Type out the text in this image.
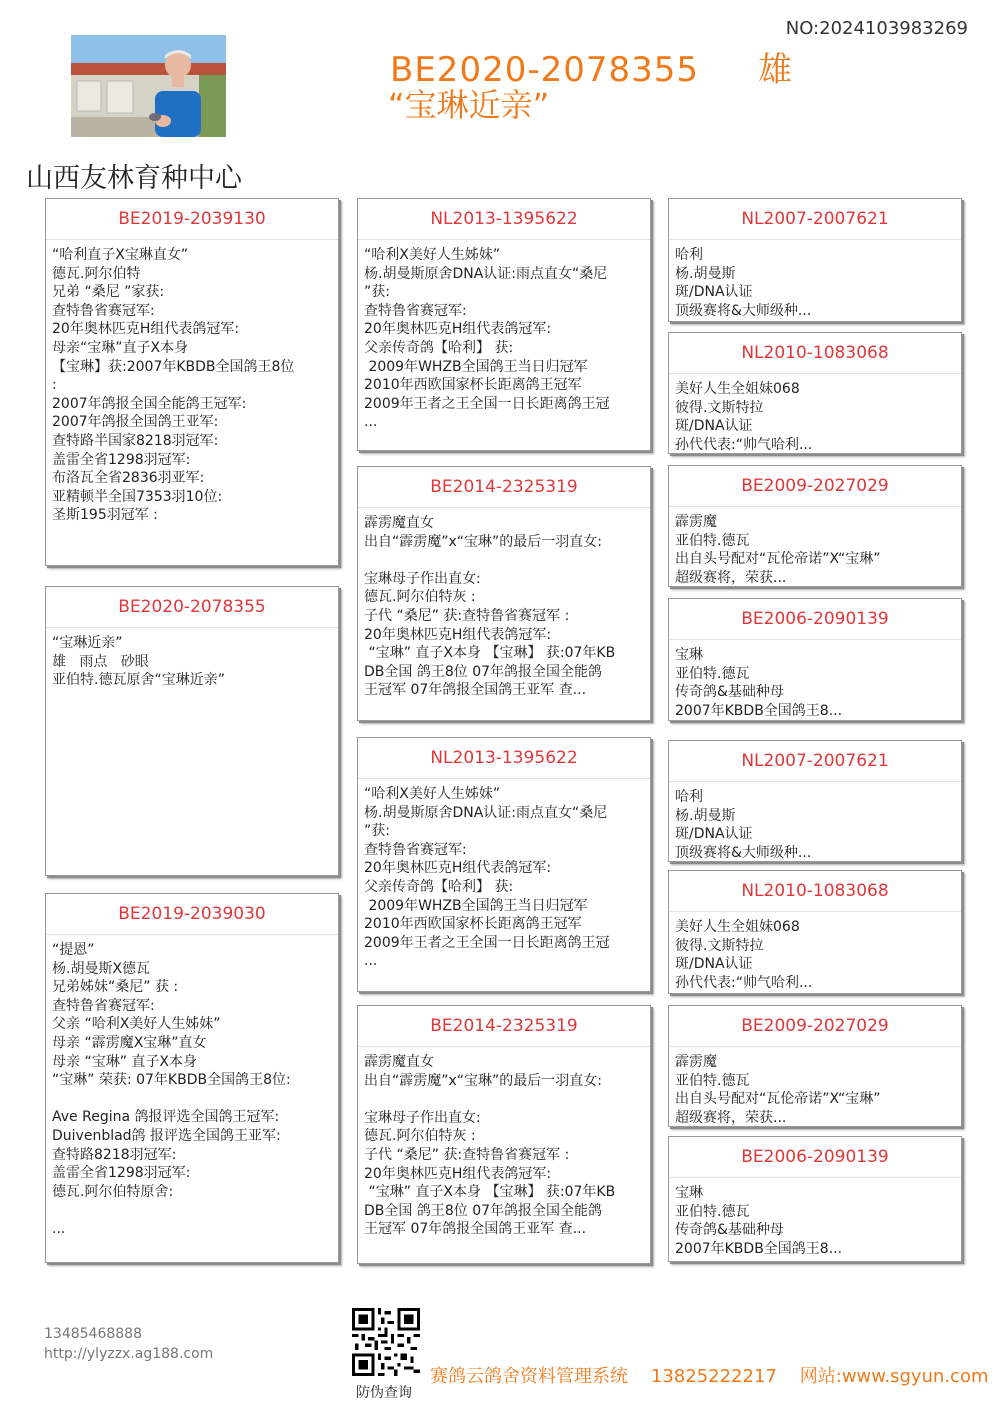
NO:2024103983269
BE2020-2078355 雄
“宝琳近亲”
山西友林育种中心
BE2019-2039130
“哈利直子X宝琳直女”
德瓦.阿尔伯特
兄弟 “桑尼 ”家获:
查特鲁省赛冠军:
20年奥林匹克H组代表鸽冠军:
母亲“宝琳”直子X本身
【宝琳】获:2007年KBDB全国鸽王8位
:
2007年鸽报全国全能鸽王冠军:
2007年鸽报全国鸽王亚军:
查特路半国家8218羽冠军:
盖雷全省1298羽冠军:
布洛瓦全省2836羽亚军:
亚精顿半全国7353羽10位:
圣斯195羽冠军 :
BE2020-2078355
“宝琳近亲”
雄   雨点   砂眼
亚伯特.德瓦原舍“宝琳近亲”
BE2019-2039030
“提恩”
杨.胡曼斯X德瓦
兄弟姊妹“桑尼” 获 :
查特鲁省赛冠军:
父亲 “哈利X美好人生姊妹”
母亲 “霹雳魔X宝琳”直女
母亲 “宝琳” 直子X本身
“宝琳” 荣获: 07年KBDB全国鸽王8位:

Ave Regina 鸽报评选全国鸽王冠军:
Duivenblad鸽 报评选全国鸽王亚军:
查特路8218羽冠军:
盖雷全省1298羽冠军:
德瓦.阿尔伯特原舍:

...
NL2013-1395622
“哈利X美好人生姊妹”
杨.胡曼斯原舍DNA认证:雨点直女“桑尼
”获:
查特鲁省赛冠军:
20年奥林匹克H组代表鸽冠军:
父亲传奇鸽【哈利】 获:
2009年WHZB全国鸽王当日归冠军
2010年西欧国家杯长距离鸽王冠军
2009年王者之王全国一日长距离鸽王冠
...
BE2014-2325319
霹雳魔直女
出自“霹雳魔”x“宝琳”的最后一羽直女:

宝琳母子作出直女:
德瓦.阿尔伯特灰 :
子代 “桑尼” 获:查特鲁省赛冠军 :
20年奥林匹克H组代表鸽冠军:
“宝琳” 直子X本身 【宝琳】 获:07年KB
DB全国 鸽王8位 07年鸽报全国全能鸽
王冠军 07年鸽报全国鸽王亚军 查...
NL2013-1395622
“哈利X美好人生姊妹”
杨.胡曼斯原舍DNA认证:雨点直女“桑尼
”获:
查特鲁省赛冠军:
20年奥林匹克H组代表鸽冠军:
父亲传奇鸽【哈利】 获:
2009年WHZB全国鸽王当日归冠军
2010年西欧国家杯长距离鸽王冠军
2009年王者之王全国一日长距离鸽王冠
...
BE2014-2325319
霹雳魔直女
出自“霹雳魔”x“宝琳”的最后一羽直女:

宝琳母子作出直女:
德瓦.阿尔伯特灰 :
子代 “桑尼” 获:查特鲁省赛冠军 :
20年奥林匹克H组代表鸽冠军:
“宝琳” 直子X本身 【宝琳】 获:07年KB
DB全国 鸽王8位 07年鸽报全国全能鸽
王冠军 07年鸽报全国鸽王亚军 查...
NL2007-2007621
哈利
杨.胡曼斯
斑/DNA认证
顶级赛将&大师级种...
NL2010-1083068
美好人生全姐妹068
彼得.文斯特拉
斑/DNA认证
孙代代表:“帅气哈利...
BE2009-2027029
霹雳魔
亚伯特.德瓦
出自头号配对“瓦伦帝诺”X“宝琳”
超级赛将，荣获...
BE2006-2090139
宝琳
亚伯特.德瓦
传奇鸽&基础种母
2007年KBDB全国鸽王8...
NL2007-2007621
哈利
杨.胡曼斯
斑/DNA认证
顶级赛将&大师级种...
NL2010-1083068
美好人生全姐妹068
彼得.文斯特拉
斑/DNA认证
孙代代表:“帅气哈利...
BE2009-2027029
霹雳魔
亚伯特.德瓦
出自头号配对“瓦伦帝诺”X“宝琳”
超级赛将，荣获...
BE2006-2090139
宝琳
亚伯特.德瓦
传奇鸽&基础种母
2007年KBDB全国鸽王8...
13485468888
http://ylyzzx.ag188.com
防伪查询
赛鸽云鸽舍资料管理系统 13825222217 网站:www.sgyun.com
